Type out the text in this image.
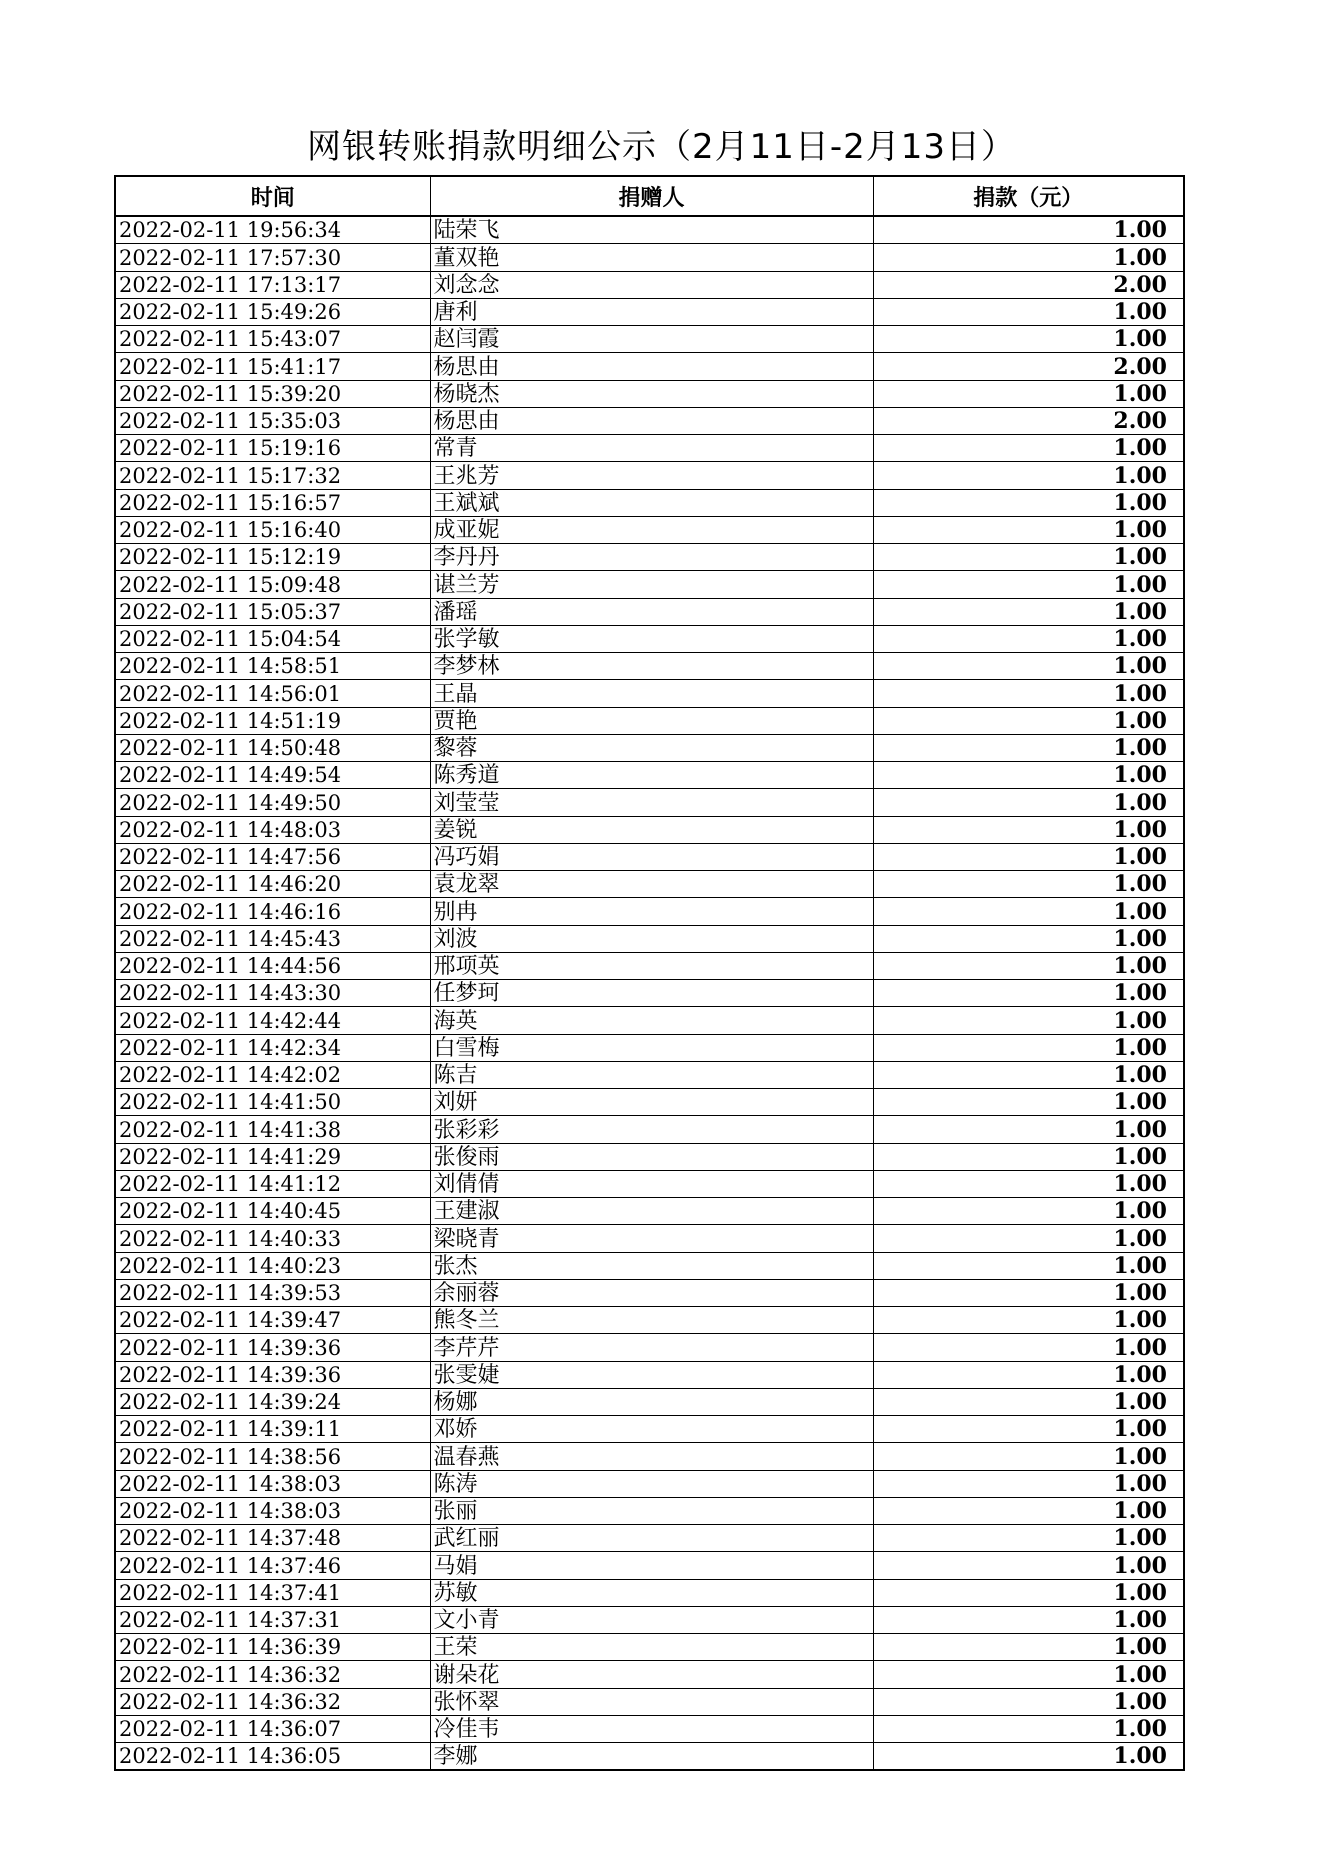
网银转账捐款明细公示（2月11日-2月13日）
时间	捐赠人	捐款（元）
2022-02-11 19:56:34	陆荣飞	1.00
2022-02-11 17:57:30	董双艳	1.00
2022-02-11 17:13:17	刘念念	2.00
2022-02-11 15:49:26	唐利	1.00
2022-02-11 15:43:07	赵闫霞	1.00
2022-02-11 15:41:17	杨思由	2.00
2022-02-11 15:39:20	杨晓杰	1.00
2022-02-11 15:35:03	杨思由	2.00
2022-02-11 15:19:16	常青	1.00
2022-02-11 15:17:32	王兆芳	1.00
2022-02-11 15:16:57	王斌斌	1.00
2022-02-11 15:16:40	成亚妮	1.00
2022-02-11 15:12:19	李丹丹	1.00
2022-02-11 15:09:48	谌兰芳	1.00
2022-02-11 15:05:37	潘瑶	1.00
2022-02-11 15:04:54	张学敏	1.00
2022-02-11 14:58:51	李梦林	1.00
2022-02-11 14:56:01	王晶	1.00
2022-02-11 14:51:19	贾艳	1.00
2022-02-11 14:50:48	黎蓉	1.00
2022-02-11 14:49:54	陈秀道	1.00
2022-02-11 14:49:50	刘莹莹	1.00
2022-02-11 14:48:03	姜锐	1.00
2022-02-11 14:47:56	冯巧娟	1.00
2022-02-11 14:46:20	袁龙翠	1.00
2022-02-11 14:46:16	别冉	1.00
2022-02-11 14:45:43	刘波	1.00
2022-02-11 14:44:56	邢项英	1.00
2022-02-11 14:43:30	任梦珂	1.00
2022-02-11 14:42:44	海英	1.00
2022-02-11 14:42:34	白雪梅	1.00
2022-02-11 14:42:02	陈吉	1.00
2022-02-11 14:41:50	刘妍	1.00
2022-02-11 14:41:38	张彩彩	1.00
2022-02-11 14:41:29	张俊雨	1.00
2022-02-11 14:41:12	刘倩倩	1.00
2022-02-11 14:40:45	王建淑	1.00
2022-02-11 14:40:33	梁晓青	1.00
2022-02-11 14:40:23	张杰	1.00
2022-02-11 14:39:53	余丽蓉	1.00
2022-02-11 14:39:47	熊冬兰	1.00
2022-02-11 14:39:36	李芹芹	1.00
2022-02-11 14:39:36	张雯婕	1.00
2022-02-11 14:39:24	杨娜	1.00
2022-02-11 14:39:11	邓娇	1.00
2022-02-11 14:38:56	温春燕	1.00
2022-02-11 14:38:03	陈涛	1.00
2022-02-11 14:38:03	张丽	1.00
2022-02-11 14:37:48	武红丽	1.00
2022-02-11 14:37:46	马娟	1.00
2022-02-11 14:37:41	苏敏	1.00
2022-02-11 14:37:31	文小青	1.00
2022-02-11 14:36:39	王荣	1.00
2022-02-11 14:36:32	谢朵花	1.00
2022-02-11 14:36:32	张怀翠	1.00
2022-02-11 14:36:07	冷佳韦	1.00
2022-02-11 14:36:05	李娜	1.00
